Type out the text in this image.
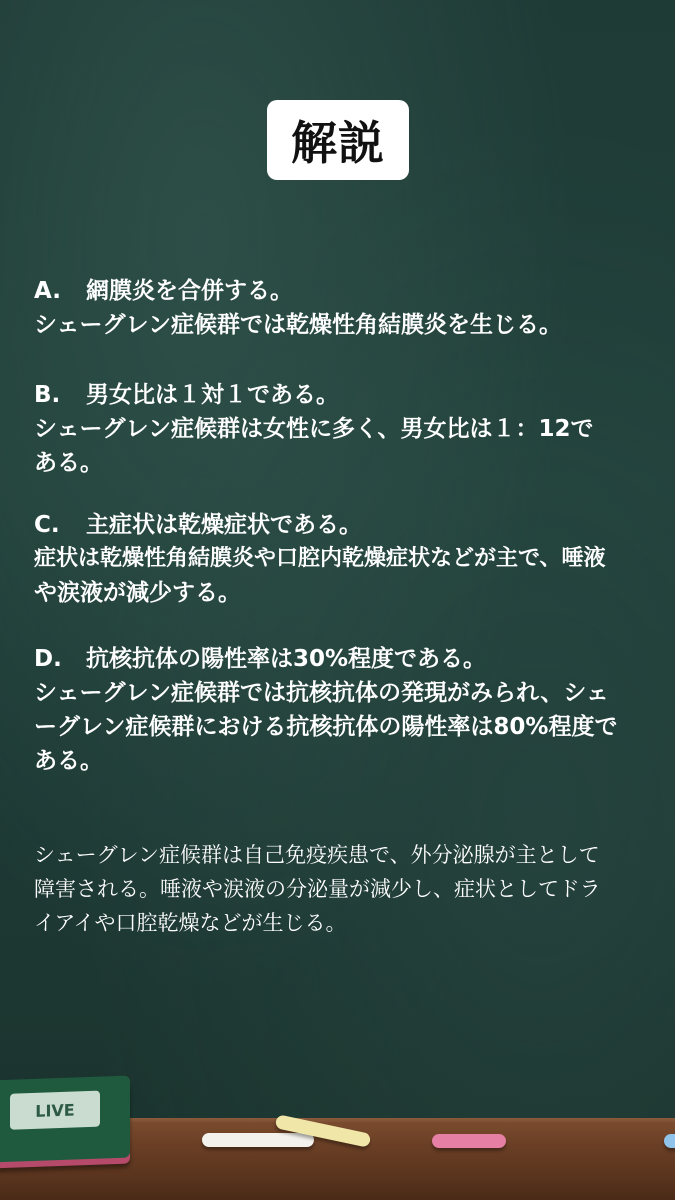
解説
A. 網膜炎を合併する。
シェーグレン症候群では乾燥性角結膜炎を生じる。
B. 男女比は１対１である。
シェーグレン症候群は女性に多く、男女比は１：12で
ある。
C. 主症状は乾燥症状である。
症状は乾燥性角結膜炎や口腔内乾燥症状などが主で、唾液
や涙液が減少する。
D. 抗核抗体の陽性率は30%程度である。
シェーグレン症候群では抗核抗体の発現がみられ、シェ
ーグレン症候群における抗核抗体の陽性率は80%程度で
ある。
シェーグレン症候群は自己免疫疾患で、外分泌腺が主として
障害される。唾液や涙液の分泌量が減少し、症状としてドラ
イアイや口腔乾燥などが生じる。
LIVE
